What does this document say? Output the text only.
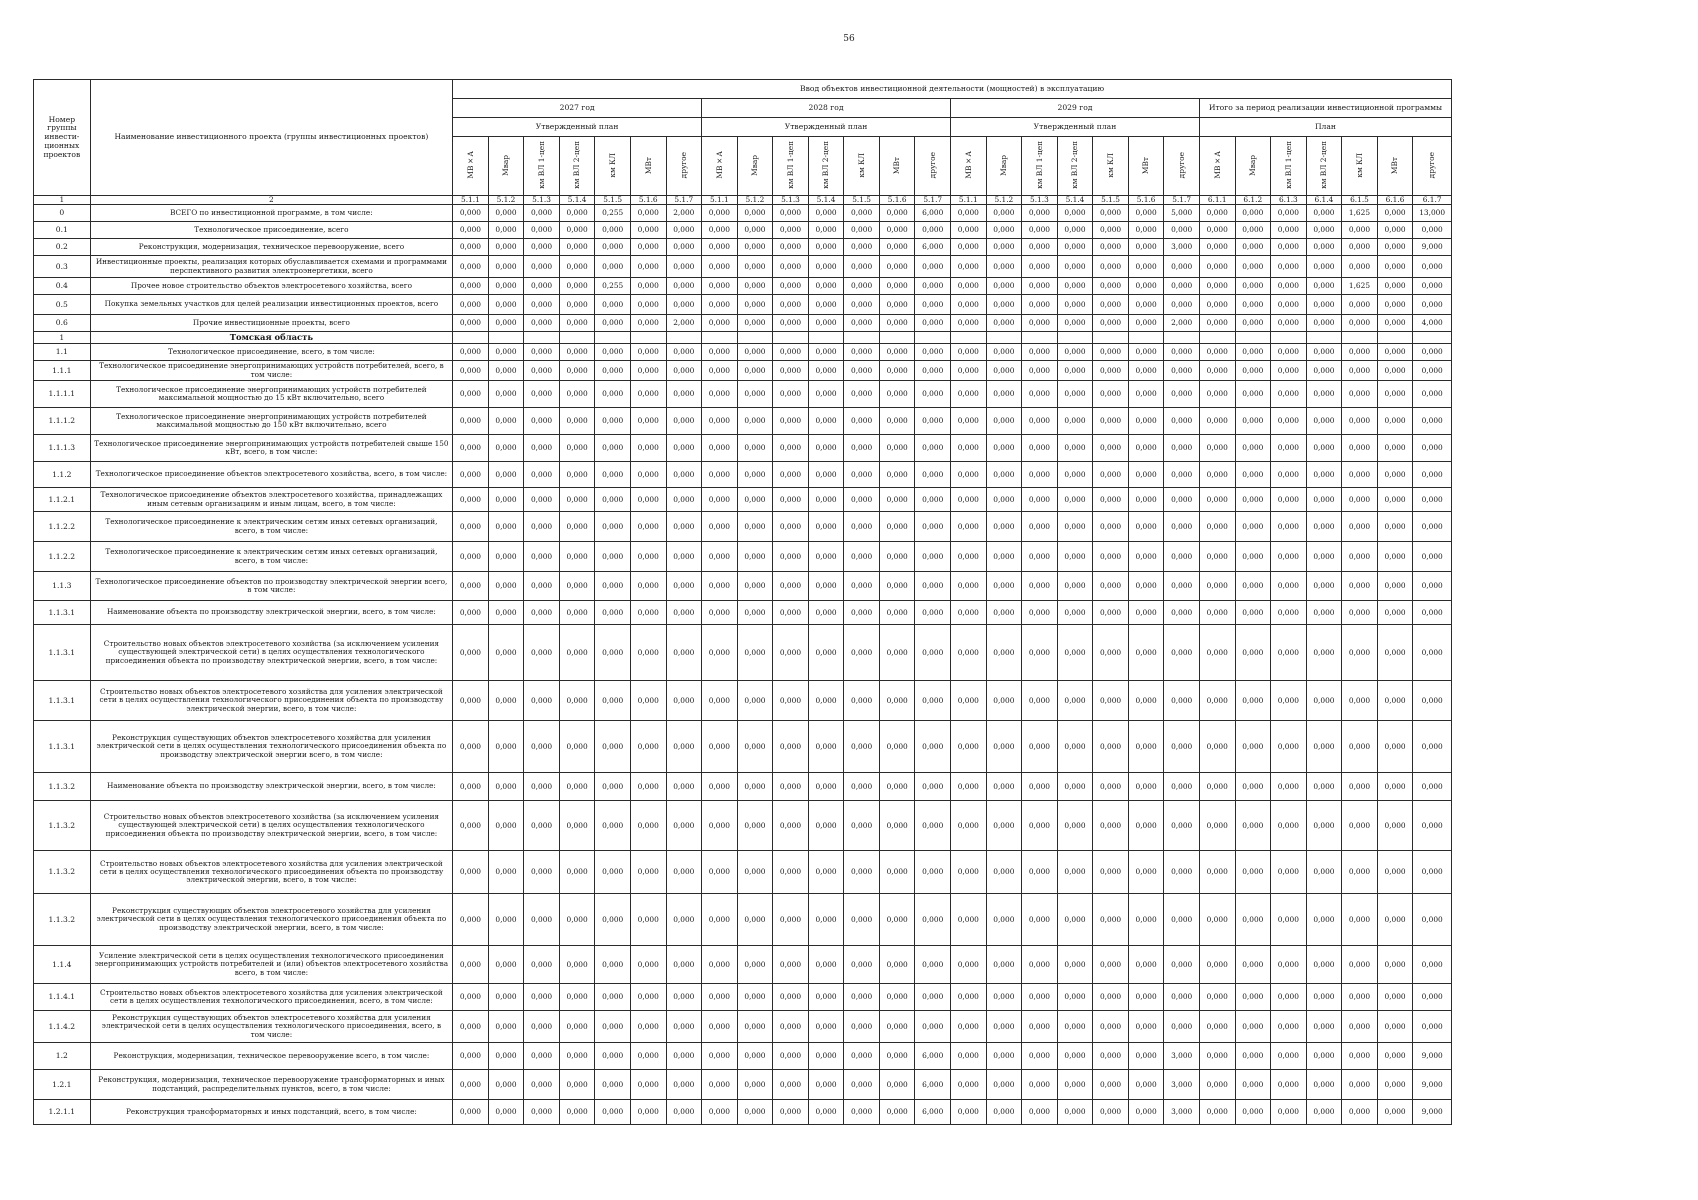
56
Номер группы инвести-ционных проектов	Наименование инвестиционного проекта (группы инвестиционных проектов)	Ввод объектов инвестиционной деятельности (мощностей) в эксплуатацию																											
		2027 год							2028 год							2029 год							Итого за период реализации инвестиционной программы						
		Утвержденный план							Утвержденный план							Утвержденный план							План						
		МВ×А	Мвар	км ВЛ 1-цеп	км ВЛ 2-цеп	км КЛ	МВт	другое	МВ×А	Мвар	км ВЛ 1-цеп	км ВЛ 2-цеп	км КЛ	МВт	другое	МВ×А	Мвар	км ВЛ 1-цеп	км ВЛ 2-цеп	км КЛ	МВт	другое	МВ×А	Мвар	км ВЛ 1-цеп	км ВЛ 2-цеп	км КЛ	МВт	другое
1	2	5.1.1	5.1.2	5.1.3	5.1.4	5.1.5	5.1.6	5.1.7	5.1.1	5.1.2	5.1.3	5.1.4	5.1.5	5.1.6	5.1.7	5.1.1	5.1.2	5.1.3	5.1.4	5.1.5	5.1.6	5.1.7	6.1.1	6.1.2	6.1.3	6.1.4	6.1.5	6.1.6	6.1.7
0	ВСЕГО по инвестиционной программе, в том числе:	0,000	0,000	0,000	0,000	0,255	0,000	2,000	0,000	0,000	0,000	0,000	0,000	0,000	6,000	0,000	0,000	0,000	0,000	0,000	0,000	5,000	0,000	0,000	0,000	0,000	1,625	0,000	13,000
0.1	Технологическое присоединение, всего	0,000	0,000	0,000	0,000	0,000	0,000	0,000	0,000	0,000	0,000	0,000	0,000	0,000	0,000	0,000	0,000	0,000	0,000	0,000	0,000	0,000	0,000	0,000	0,000	0,000	0,000	0,000	0,000
0.2	Реконструкция, модернизация, техническое перевооружение, всего	0,000	0,000	0,000	0,000	0,000	0,000	0,000	0,000	0,000	0,000	0,000	0,000	0,000	6,000	0,000	0,000	0,000	0,000	0,000	0,000	3,000	0,000	0,000	0,000	0,000	0,000	0,000	9,000
0.3	Инвестиционные проекты, реализация которых обуславливается схемами и программами перспективного развития электроэнергетики, всего	0,000	0,000	0,000	0,000	0,000	0,000	0,000	0,000	0,000	0,000	0,000	0,000	0,000	0,000	0,000	0,000	0,000	0,000	0,000	0,000	0,000	0,000	0,000	0,000	0,000	0,000	0,000	0,000
0.4	Прочее новое строительство объектов электросетевого хозяйства, всего	0,000	0,000	0,000	0,000	0,255	0,000	0,000	0,000	0,000	0,000	0,000	0,000	0,000	0,000	0,000	0,000	0,000	0,000	0,000	0,000	0,000	0,000	0,000	0,000	0,000	1,625	0,000	0,000
0.5	Покупка земельных участков для целей реализации инвестиционных проектов, всего	0,000	0,000	0,000	0,000	0,000	0,000	0,000	0,000	0,000	0,000	0,000	0,000	0,000	0,000	0,000	0,000	0,000	0,000	0,000	0,000	0,000	0,000	0,000	0,000	0,000	0,000	0,000	0,000
0.6	Прочие инвестиционные проекты, всего	0,000	0,000	0,000	0,000	0,000	0,000	2,000	0,000	0,000	0,000	0,000	0,000	0,000	0,000	0,000	0,000	0,000	0,000	0,000	0,000	2,000	0,000	0,000	0,000	0,000	0,000	0,000	4,000
1	Томская область																												
1.1	Технологическое присоединение, всего, в том числе:	0,000	0,000	0,000	0,000	0,000	0,000	0,000	0,000	0,000	0,000	0,000	0,000	0,000	0,000	0,000	0,000	0,000	0,000	0,000	0,000	0,000	0,000	0,000	0,000	0,000	0,000	0,000	0,000
1.1.1	Технологическое присоединение энергопринимающих устройств потребителей, всего, в том числе:	0,000	0,000	0,000	0,000	0,000	0,000	0,000	0,000	0,000	0,000	0,000	0,000	0,000	0,000	0,000	0,000	0,000	0,000	0,000	0,000	0,000	0,000	0,000	0,000	0,000	0,000	0,000	0,000
1.1.1.1	Технологическое присоединение энергопринимающих устройств потребителей максимальной мощностью до 15 кВт включительно, всего	0,000	0,000	0,000	0,000	0,000	0,000	0,000	0,000	0,000	0,000	0,000	0,000	0,000	0,000	0,000	0,000	0,000	0,000	0,000	0,000	0,000	0,000	0,000	0,000	0,000	0,000	0,000	0,000
1.1.1.2	Технологическое присоединение энергопринимающих устройств потребителей максимальной мощностью до 150 кВт включительно, всего	0,000	0,000	0,000	0,000	0,000	0,000	0,000	0,000	0,000	0,000	0,000	0,000	0,000	0,000	0,000	0,000	0,000	0,000	0,000	0,000	0,000	0,000	0,000	0,000	0,000	0,000	0,000	0,000
1.1.1.3	Технологическое присоединение энергопринимающих устройств потребителей свыше 150 кВт, всего, в том числе:	0,000	0,000	0,000	0,000	0,000	0,000	0,000	0,000	0,000	0,000	0,000	0,000	0,000	0,000	0,000	0,000	0,000	0,000	0,000	0,000	0,000	0,000	0,000	0,000	0,000	0,000	0,000	0,000
1.1.2	Технологическое присоединение объектов электросетевого хозяйства, всего, в том числе:	0,000	0,000	0,000	0,000	0,000	0,000	0,000	0,000	0,000	0,000	0,000	0,000	0,000	0,000	0,000	0,000	0,000	0,000	0,000	0,000	0,000	0,000	0,000	0,000	0,000	0,000	0,000	0,000
1.1.2.1	Технологическое присоединение объектов электросетевого хозяйства, принадлежащих иным сетевым организациям и иным лицам, всего, в том числе:	0,000	0,000	0,000	0,000	0,000	0,000	0,000	0,000	0,000	0,000	0,000	0,000	0,000	0,000	0,000	0,000	0,000	0,000	0,000	0,000	0,000	0,000	0,000	0,000	0,000	0,000	0,000	0,000
1.1.2.2	Технологическое присоединение к электрическим сетям иных сетевых организаций, всего, в том числе:	0,000	0,000	0,000	0,000	0,000	0,000	0,000	0,000	0,000	0,000	0,000	0,000	0,000	0,000	0,000	0,000	0,000	0,000	0,000	0,000	0,000	0,000	0,000	0,000	0,000	0,000	0,000	0,000
1.1.2.2	Технологическое присоединение к электрическим сетям иных сетевых организаций, всего, в том числе:	0,000	0,000	0,000	0,000	0,000	0,000	0,000	0,000	0,000	0,000	0,000	0,000	0,000	0,000	0,000	0,000	0,000	0,000	0,000	0,000	0,000	0,000	0,000	0,000	0,000	0,000	0,000	0,000
1.1.3	Технологическое присоединение объектов по производству электрической энергии всего, в том числе:	0,000	0,000	0,000	0,000	0,000	0,000	0,000	0,000	0,000	0,000	0,000	0,000	0,000	0,000	0,000	0,000	0,000	0,000	0,000	0,000	0,000	0,000	0,000	0,000	0,000	0,000	0,000	0,000
1.1.3.1	Наименование объекта по производству электрической энергии, всего, в том числе:	0,000	0,000	0,000	0,000	0,000	0,000	0,000	0,000	0,000	0,000	0,000	0,000	0,000	0,000	0,000	0,000	0,000	0,000	0,000	0,000	0,000	0,000	0,000	0,000	0,000	0,000	0,000	0,000
1.1.3.1	Строительство новых объектов электросетевого хозяйства (за исключением усиления существующей электрической сети) в целях осуществления технологического присоединения объекта по производству электрической энергии, всего, в том числе:	0,000	0,000	0,000	0,000	0,000	0,000	0,000	0,000	0,000	0,000	0,000	0,000	0,000	0,000	0,000	0,000	0,000	0,000	0,000	0,000	0,000	0,000	0,000	0,000	0,000	0,000	0,000	0,000
1.1.3.1	Строительство новых объектов электросетевого хозяйства для усиления электрической сети в целях осуществления технологического присоединения объекта по производству электрической энергии, всего, в том числе:	0,000	0,000	0,000	0,000	0,000	0,000	0,000	0,000	0,000	0,000	0,000	0,000	0,000	0,000	0,000	0,000	0,000	0,000	0,000	0,000	0,000	0,000	0,000	0,000	0,000	0,000	0,000	0,000
1.1.3.1	Реконструкция существующих объектов электросетевого хозяйства для усиления электрической сети в целях осуществления технологического присоединения объекта по производству электрической энергии всего, в том числе:	0,000	0,000	0,000	0,000	0,000	0,000	0,000	0,000	0,000	0,000	0,000	0,000	0,000	0,000	0,000	0,000	0,000	0,000	0,000	0,000	0,000	0,000	0,000	0,000	0,000	0,000	0,000	0,000
1.1.3.2	Наименование объекта по производству электрической энергии, всего, в том числе:	0,000	0,000	0,000	0,000	0,000	0,000	0,000	0,000	0,000	0,000	0,000	0,000	0,000	0,000	0,000	0,000	0,000	0,000	0,000	0,000	0,000	0,000	0,000	0,000	0,000	0,000	0,000	0,000
1.1.3.2	Строительство новых объектов электросетевого хозяйства (за исключением усиления существующей электрической сети) в целях осуществления технологического присоединения объекта по производству электрической энергии, всего, в том числе:	0,000	0,000	0,000	0,000	0,000	0,000	0,000	0,000	0,000	0,000	0,000	0,000	0,000	0,000	0,000	0,000	0,000	0,000	0,000	0,000	0,000	0,000	0,000	0,000	0,000	0,000	0,000	0,000
1.1.3.2	Строительство новых объектов электросетевого хозяйства для усиления электрической сети в целях осуществления технологического присоединения объекта по производству электрической энергии, всего, в том числе:	0,000	0,000	0,000	0,000	0,000	0,000	0,000	0,000	0,000	0,000	0,000	0,000	0,000	0,000	0,000	0,000	0,000	0,000	0,000	0,000	0,000	0,000	0,000	0,000	0,000	0,000	0,000	0,000
1.1.3.2	Реконструкция существующих объектов электросетевого хозяйства для усиления электрической сети в целях осуществления технологического присоединения объекта по производству электрической энергии, всего, в том числе:	0,000	0,000	0,000	0,000	0,000	0,000	0,000	0,000	0,000	0,000	0,000	0,000	0,000	0,000	0,000	0,000	0,000	0,000	0,000	0,000	0,000	0,000	0,000	0,000	0,000	0,000	0,000	0,000
1.1.4	Усиление электрической сети в целях осуществления технологического присоединения энергопринимающих устройств потребителей и (или) объектов электросетевого хозяйства всего, в том числе:	0,000	0,000	0,000	0,000	0,000	0,000	0,000	0,000	0,000	0,000	0,000	0,000	0,000	0,000	0,000	0,000	0,000	0,000	0,000	0,000	0,000	0,000	0,000	0,000	0,000	0,000	0,000	0,000
1.1.4.1	Строительство новых объектов электросетевого хозяйства для усиления электрической сети в целях осуществления технологического присоединения, всего, в том числе:	0,000	0,000	0,000	0,000	0,000	0,000	0,000	0,000	0,000	0,000	0,000	0,000	0,000	0,000	0,000	0,000	0,000	0,000	0,000	0,000	0,000	0,000	0,000	0,000	0,000	0,000	0,000	0,000
1.1.4.2	Реконструкция существующих объектов электросетевого хозяйства для усиления электрической сети в целях осуществления технологического присоединения, всего, в том числе:	0,000	0,000	0,000	0,000	0,000	0,000	0,000	0,000	0,000	0,000	0,000	0,000	0,000	0,000	0,000	0,000	0,000	0,000	0,000	0,000	0,000	0,000	0,000	0,000	0,000	0,000	0,000	0,000
1.2	Реконструкция, модернизация, техническое перевооружение всего, в том числе:	0,000	0,000	0,000	0,000	0,000	0,000	0,000	0,000	0,000	0,000	0,000	0,000	0,000	6,000	0,000	0,000	0,000	0,000	0,000	0,000	3,000	0,000	0,000	0,000	0,000	0,000	0,000	9,000
1.2.1	Реконструкция, модернизация, техническое перевооружение трансформаторных и иных подстанций, распределительных пунктов, всего, в том числе:	0,000	0,000	0,000	0,000	0,000	0,000	0,000	0,000	0,000	0,000	0,000	0,000	0,000	6,000	0,000	0,000	0,000	0,000	0,000	0,000	3,000	0,000	0,000	0,000	0,000	0,000	0,000	9,000
1.2.1.1	Реконструкция трансформаторных и иных подстанций, всего, в том числе:	0,000	0,000	0,000	0,000	0,000	0,000	0,000	0,000	0,000	0,000	0,000	0,000	0,000	6,000	0,000	0,000	0,000	0,000	0,000	0,000	3,000	0,000	0,000	0,000	0,000	0,000	0,000	9,000
